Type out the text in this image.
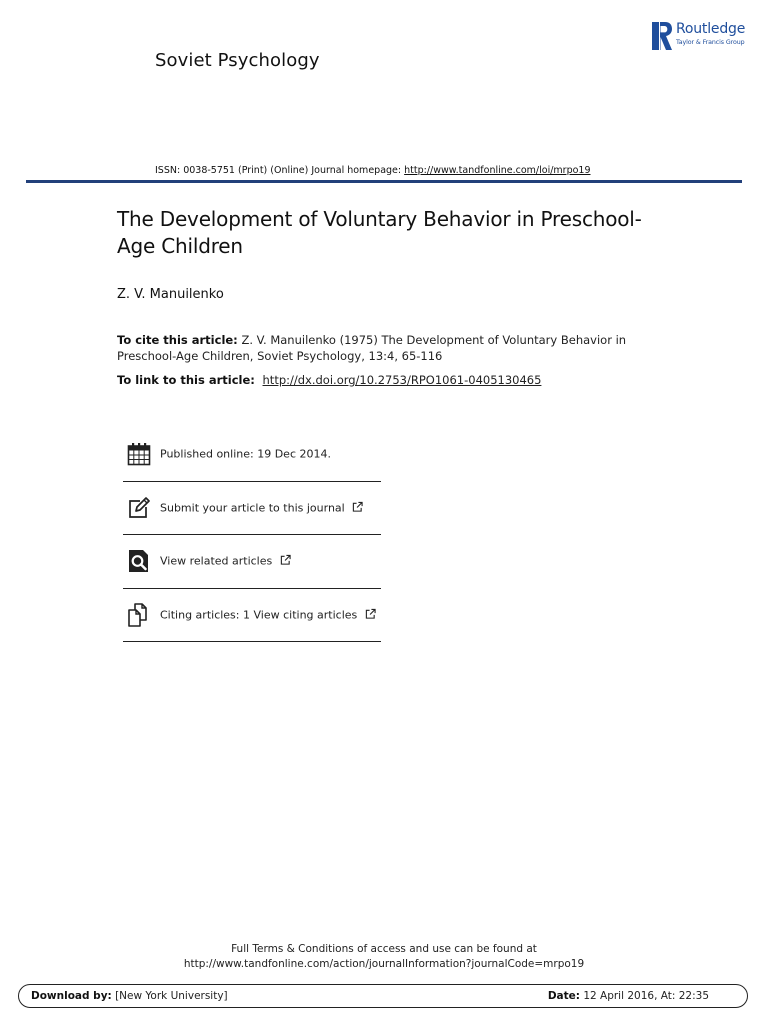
Soviet Psychology
Routledge
Taylor & Francis Group
ISSN: 0038-5751 (Print) (Online) Journal homepage: http://www.tandfonline.com/loi/mrpo19
The Development of Voluntary Behavior in Preschool-Age Children
Z. V. Manuilenko
To cite this article: Z. V. Manuilenko (1975) The Development of Voluntary Behavior in Preschool-Age Children, Soviet Psychology, 13:4, 65-116
To link to this article: http://dx.doi.org/10.2753/RPO1061-0405130465
Published online: 19 Dec 2014.
Submit your article to this journal
View related articles
Citing articles: 1 View citing articles
Full Terms & Conditions of access and use can be found at
http://www.tandfonline.com/action/journalInformation?journalCode=mrpo19
Download by: [New York University]	Date: 12 April 2016, At: 22:35
